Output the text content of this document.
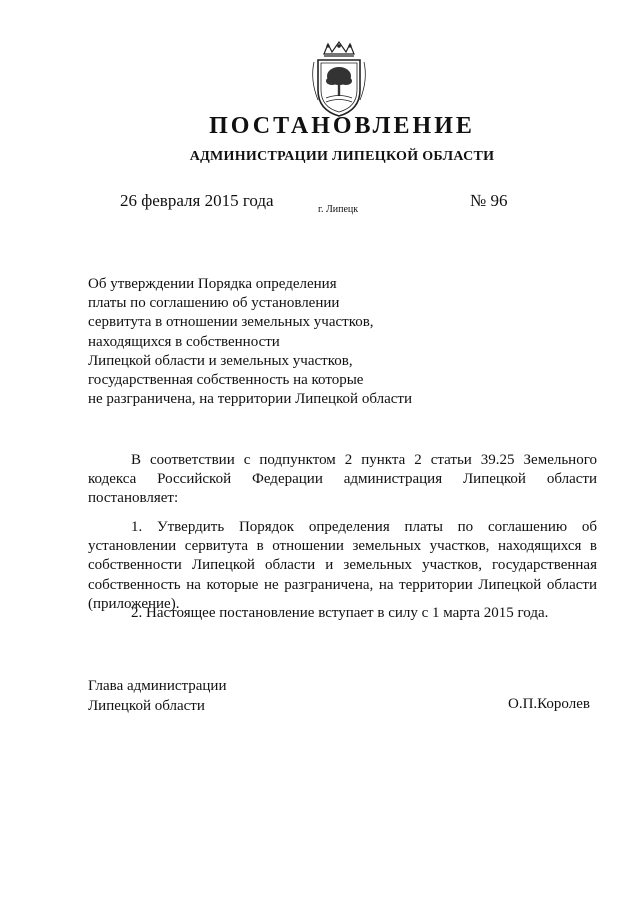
ПОСТАНОВЛЕНИЕ
АДМИНИСТРАЦИИ ЛИПЕЦКОЙ ОБЛАСТИ
26 февраля 2015 года	г. Липецк	№ 96
Об утверждении Порядка определения
платы по соглашению об установлении
сервитута в отношении земельных участков,
находящихся в собственности
Липецкой области и земельных участков,
государственная собственность на которые
не разграничена, на территории Липецкой области
В соответствии с подпунктом 2 пункта 2 статьи 39.25 Земельного
кодекса Российской Федерации администрация Липецкой области
постановляет:
1. Утвердить Порядок определения платы по соглашению об
установлении сервитута в отношении земельных участков, находящихся в
собственности Липецкой области и земельных участков, государственная
собственность на которые не разграничена, на территории Липецкой области
(приложение).
2. Настоящее постановление вступает в силу с 1 марта 2015 года.
Глава администрации
Липецкой области	О.П.Королев
